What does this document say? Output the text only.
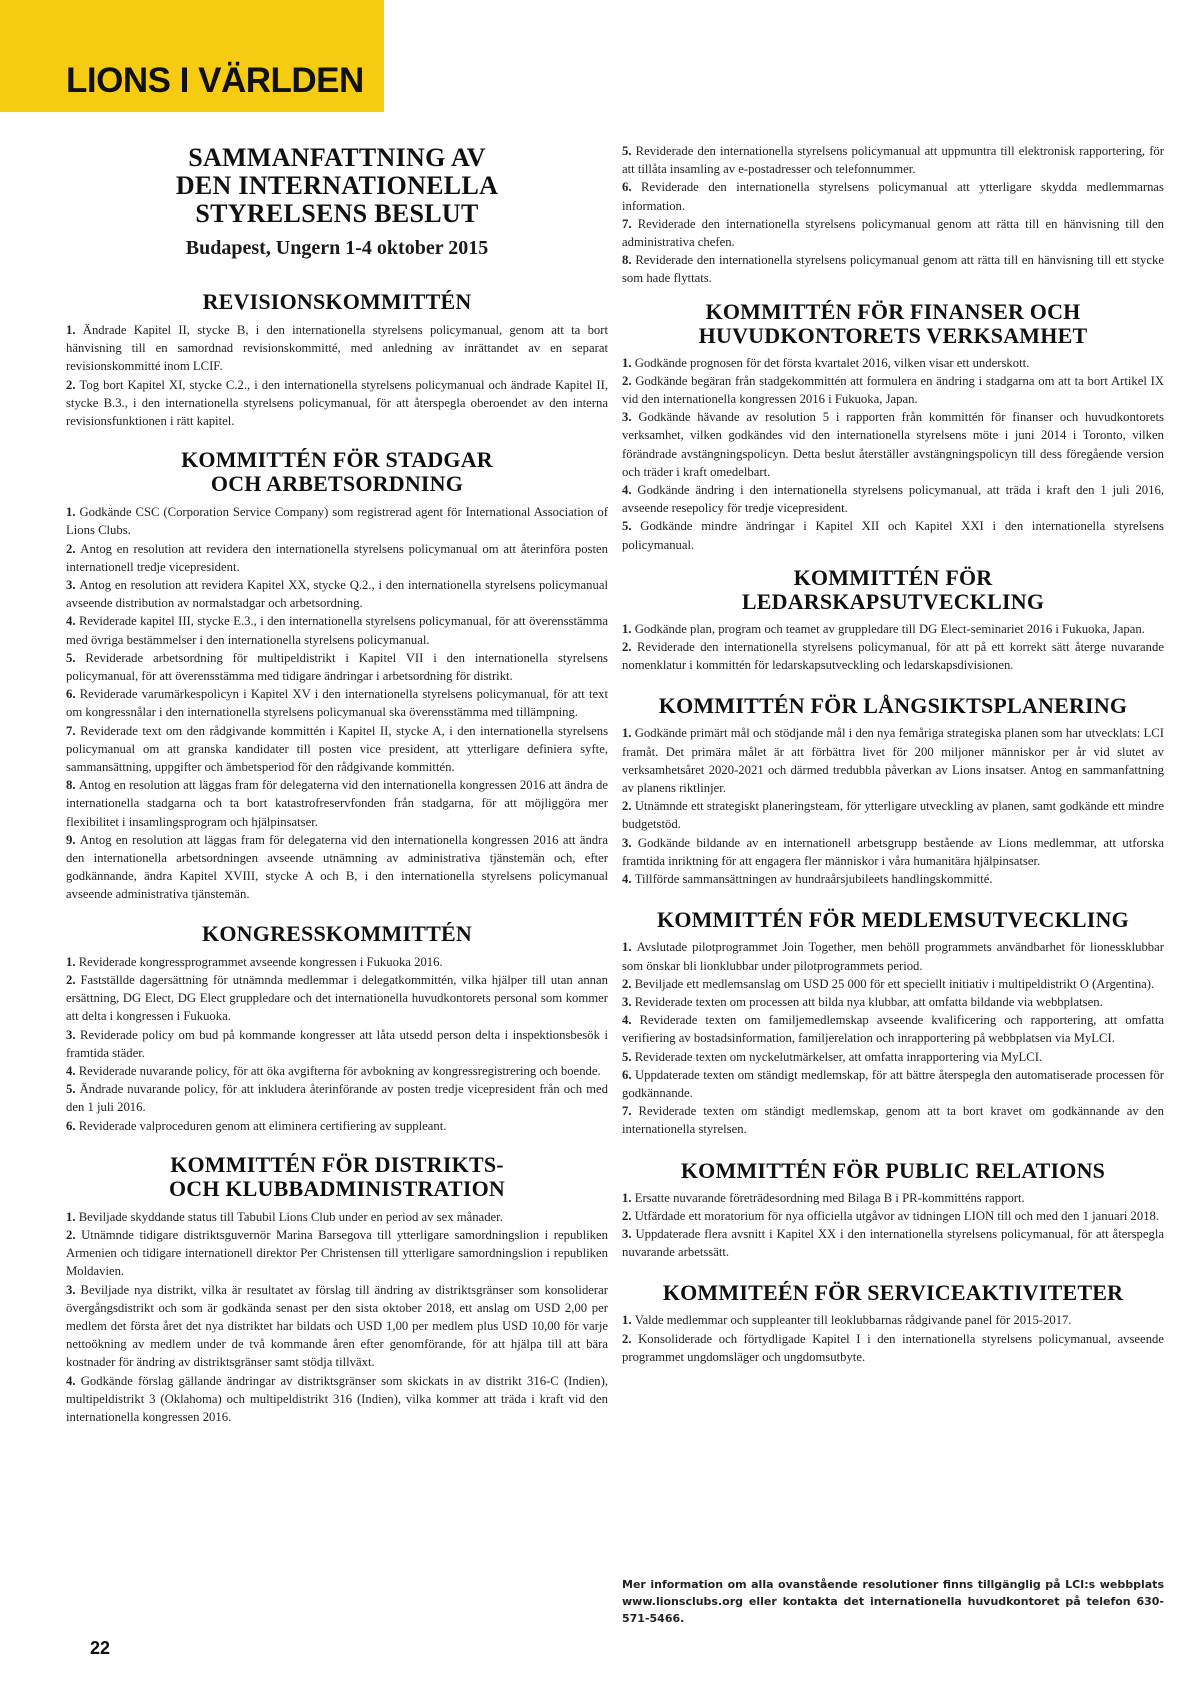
LIONS I VÄRLDEN
SAMMANFATTNING AV
DEN INTERNATIONELLA
STYRELSENS BESLUT
Budapest, Ungern 1-4 oktober 2015
REVISIONSKOMMITTÉN

1. Ändrade Kapitel II, stycke B, i den internationella styrelsens policymanual, genom att ta bort hänvisning till en samordnad revisionskommitté, med anledning av inrättandet av en separat revisionskommitté inom LCIF.

2. Tog bort Kapitel XI, stycke C.2., i den internationella styrelsens policymanual och ändrade Kapitel II, stycke B.3., i den internationella styrelsens policymanual, för att återspegla oberoendet av den interna revisionsfunktionen i rätt kapitel.

KOMMITTÉN FÖR STADGAR
OCH ARBETSORDNING

1. Godkände CSC (Corporation Service Company) som registrerad agent för International Association of Lions Clubs.

2. Antog en resolution att revidera den internationella styrelsens policymanual om att återinföra posten internationell tredje vicepresident.

3. Antog en resolution att revidera Kapitel XX, stycke Q.2., i den internationella styrelsens policymanual avseende distribution av normalstadgar och arbetsordning.

4. Reviderade kapitel III, stycke E.3., i den internationella styrelsens policymanual, för att överensstämma med övriga bestämmelser i den internationella styrelsens policymanual.

5. Reviderade arbetsordning för multipeldistrikt i Kapitel VII i den internationella styrelsens policymanual, för att överensstämma med tidigare ändringar i arbetsordning för distrikt.

6. Reviderade varumärkespolicyn i Kapitel XV i den internationella styrelsens policymanual, för att text om kongressnålar i den internationella styrelsens policymanual ska överensstämma med tillämpning.

7. Reviderade text om den rådgivande kommittén i Kapitel II, stycke A, i den internationella styrelsens policymanual om att granska kandidater till posten vice president, att ytterligare definiera syfte, sammansättning, uppgifter och ämbetsperiod för den rådgivande kommittén.

8. Antog en resolution att läggas fram för delegaterna vid den internationella kongressen 2016 att ändra de internationella stadgarna och ta bort katastrofreservfonden från stadgarna, för att möjliggöra mer flexibilitet i insamlingsprogram och hjälpinsatser.

9. Antog en resolution att läggas fram för delegaterna vid den internationella kongressen 2016 att ändra den internationella arbetsordningen avseende utnämning av administrativa tjänstemän och, efter godkännande, ändra Kapitel XVIII, stycke A och B, i den internationella styrelsens policymanual avseende administrativa tjänstemän.

KONGRESSKOMMITTÉN

1. Reviderade kongressprogrammet avseende kongressen i Fukuoka 2016.

2. Fastställde dagersättning för utnämnda medlemmar i delegatkommittén, vilka hjälper till utan annan ersättning, DG Elect, DG Elect gruppledare och det internationella huvudkontorets personal som kommer att delta i kongressen i Fukuoka.

3. Reviderade policy om bud på kommande kongresser att låta utsedd person delta i inspektionsbesök i framtida städer.

4. Reviderade nuvarande policy, för att öka avgifterna för avbokning av kongressregistrering och boende.

5. Ändrade nuvarande policy, för att inkludera återinförande av posten tredje vicepresident från och med den 1 juli 2016.

6. Reviderade valproceduren genom att eliminera certifiering av suppleant.

KOMMITTÉN FÖR DISTRIKTS-
OCH KLUBBADMINISTRATION

1. Beviljade skyddande status till Tabubil Lions Club under en period av sex månader.

2. Utnämnde tidigare distriktsguvernör Marina Barsegova till ytterligare samordningslion i republiken Armenien och tidigare internationell direktor Per Christensen till ytterligare samordningslion i republiken Moldavien.

3. Beviljade nya distrikt, vilka är resultatet av förslag till ändring av distriktsgränser som konsoliderar övergångsdistrikt och som är godkända senast per den sista oktober 2018, ett anslag om USD 2,00 per medlem det första året det nya distriktet har bildats och USD 1,00 per medlem plus USD 10,00 för varje nettoökning av medlem under de två kommande åren efter genomförande, för att hjälpa till att bära kostnader för ändring av distriktsgränser samt stödja tillväxt.

4. Godkände förslag gällande ändringar av distriktsgränser som skickats in av distrikt 316-C (Indien), multipeldistrikt 3 (Oklahoma) och multipeldistrikt 316 (Indien), vilka kommer att träda i kraft vid den internationella kongressen 2016.

5. Reviderade den internationella styrelsens policymanual att uppmuntra till elektronisk rapportering, för att tillåta insamling av e-postadresser och telefonnummer.

6. Reviderade den internationella styrelsens policymanual att ytterligare skydda medlemmarnas information.

7. Reviderade den internationella styrelsens policymanual genom att rätta till en hänvisning till den administrativa chefen.

8. Reviderade den internationella styrelsens policymanual genom att rätta till en hänvisning till ett stycke som hade flyttats.

KOMMITTÉN FÖR FINANSER OCH
HUVUDKONTORETS VERKSAMHET

1. Godkände prognosen för det första kvartalet 2016, vilken visar ett underskott.

2. Godkände begäran från stadgekommittén att formulera en ändring i stadgarna om att ta bort Artikel IX vid den internationella kongressen 2016 i Fukuoka, Japan.

3. Godkände hävande av resolution 5 i rapporten från kommittén för finanser och huvudkontorets verksamhet, vilken godkändes vid den internationella styrelsens möte i juni 2014 i Toronto, vilken förändrade avstängningspolicyn. Detta beslut återställer avstängningspolicyn till dess föregående version och träder i kraft omedelbart.

4. Godkände ändring i den internationella styrelsens policymanual, att träda i kraft den 1 juli 2016, avseende resepolicy för tredje vicepresident.

5. Godkände mindre ändringar i Kapitel XII och Kapitel XXI i den internationella styrelsens policymanual.

KOMMITTÉN FÖR
LEDARSKAPSUTVECKLING

1. Godkände plan, program och teamet av gruppledare till DG Elect-seminariet 2016 i Fukuoka, Japan.

2. Reviderade den internationella styrelsens policymanual, för att på ett korrekt sätt återge nuvarande nomenklatur i kommittén för ledarskapsutveckling och ledarskapsdivisionen.

KOMMITTÉN FÖR LÅNGSIKTSPLANERING

1. Godkände primärt mål och stödjande mål i den nya femåriga strategiska planen som har utvecklats: LCI framåt. Det primära målet är att förbättra livet för 200 miljoner människor per år vid slutet av verksamhetsåret 2020-2021 och därmed tredubbla påverkan av Lions insatser. Antog en sammanfattning av planens riktlinjer.

2. Utnämnde ett strategiskt planeringsteam, för ytterligare utveckling av planen, samt godkände ett mindre budgetstöd.

3. Godkände bildande av en internationell arbetsgrupp bestående av Lions medlemmar, att utforska framtida inriktning för att engagera fler människor i våra humanitära hjälpinsatser.

4. Tillförde sammansättningen av hundraårsjubileets handlingskommitté.

KOMMITTÉN FÖR MEDLEMSUTVECKLING

1. Avslutade pilotprogrammet Join Together, men behöll programmets användbarhet för lionessklubbar som önskar bli lionklubbar under pilotprogrammets period.

2. Beviljade ett medlemsanslag om USD 25 000 för ett speciellt initiativ i multipeldistrikt O (Argentina).

3. Reviderade texten om processen att bilda nya klubbar, att omfatta bildande via webbplatsen.

4. Reviderade texten om familjemedlemskap avseende kvalificering och rapportering, att omfatta verifiering av bostadsinformation, familjerelation och inrapportering på webbplatsen via MyLCI.

5. Reviderade texten om nyckelutmärkelser, att omfatta inrapportering via MyLCI.

6. Uppdaterade texten om ständigt medlemskap, för att bättre återspegla den automatiserade processen för godkännande.

7. Reviderade texten om ständigt medlemskap, genom att ta bort kravet om godkännande av den internationella styrelsen.

KOMMITTÉN FÖR PUBLIC RELATIONS

1. Ersatte nuvarande företrädesordning med Bilaga B i PR-kommitténs rapport.

2. Utfärdade ett moratorium för nya officiella utgåvor av tidningen LION till och med den 1 januari 2018.

3. Uppdaterade flera avsnitt i Kapitel XX i den internationella styrelsens policymanual, för att återspegla nuvarande arbetssätt.

KOMMITEÉN FÖR SERVICEAKTIVITETER

1. Valde medlemmar och suppleanter till leoklubbarnas rådgivande panel för 2015-2017.

2. Konsoliderade och förtydligade Kapitel I i den internationella styrelsens policymanual, avseende programmet ungdomsläger och ungdomsutbyte.

Mer information om alla ovanstående resolutioner finns tillgänglig på LCI:s webbplats www.lionsclubs.org eller kontakta det internationella huvudkontoret på telefon 630-571-5466.

22
